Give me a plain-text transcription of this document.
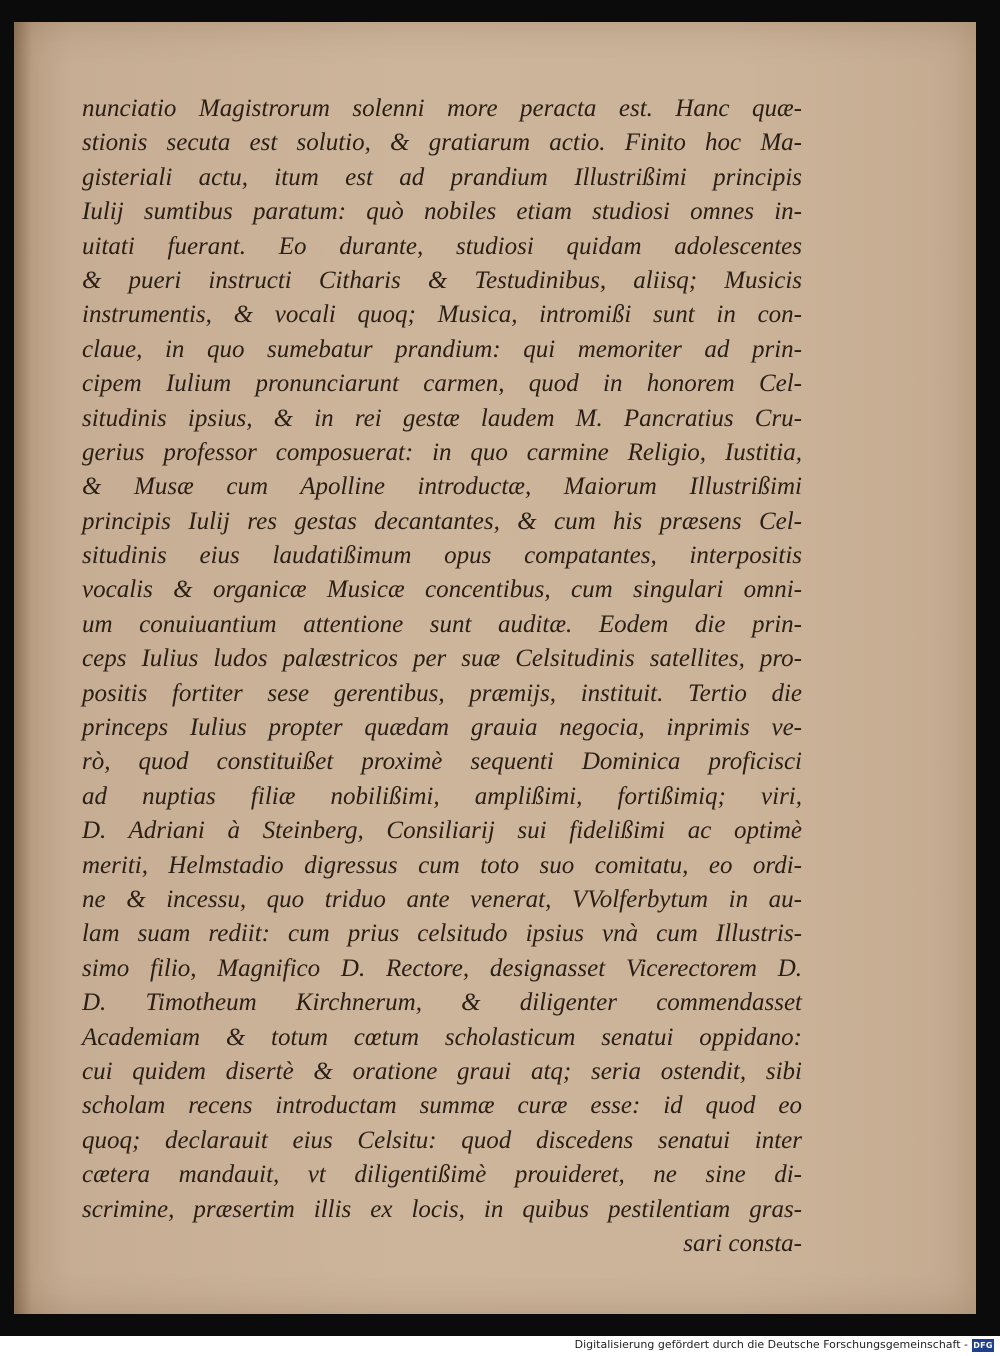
nunciatio Magistrorum solenni more peracta est. Hanc quæ-
stionis secuta est solutio, & gratiarum actio. Finito hoc Ma-
gisteriali actu, itum est ad prandium Illustrißimi principis
Iulij sumtibus paratum: quò nobiles etiam studiosi omnes in-
uitati fuerant. Eo durante, studiosi quidam adolescentes
& pueri instructi Citharis & Testudinibus, aliisq; Musicis
instrumentis, & vocali quoq; Musica, intromißi sunt in con-
claue, in quo sumebatur prandium: qui memoriter ad prin-
cipem Iulium pronunciarunt carmen, quod in honorem Cel-
situdinis ipsius, & in rei gestæ laudem M. Pancratius Cru-
gerius professor composuerat: in quo carmine Religio, Iustitia,
& Musæ cum Apolline introductæ, Maiorum Illustrißimi
principis Iulij res gestas decantantes, & cum his præsens Cel-
situdinis eius laudatißimum opus compatantes, interpositis
vocalis & organicæ Musicæ concentibus, cum singulari omni-
um conuiuantium attentione sunt auditæ. Eodem die prin-
ceps Iulius ludos palæstricos per suæ Celsitudinis satellites, pro-
positis fortiter sese gerentibus, præmijs, instituit. Tertio die
princeps Iulius propter quædam grauia negocia, inprimis ve-
rò, quod constituißet proximè sequenti Dominica proficisci
ad nuptias filiæ nobilißimi, amplißimi, fortißimiq; viri,
D. Adriani à Steinberg, Consiliarij sui fidelißimi ac optimè
meriti, Helmstadio digressus cum toto suo comitatu, eo ordi-
ne & incessu, quo triduo ante venerat, VVolferbytum in au-
lam suam rediit: cum prius celsitudo ipsius vnà cum Illustris-
simo filio, Magnifico D. Rectore, designasset Vicerectorem D.
D. Timotheum Kirchnerum, & diligenter commendasset
Academiam & totum cœtum scholasticum senatui oppidano:
cui quidem disertè & oratione graui atq; seria ostendit, sibi
scholam recens introductam summæ curæ esse: id quod eo
quoq; declarauit eius Celsitu: quod discedens senatui inter
cætera mandauit, vt diligentißimè prouideret, ne sine di-
scrimine, præsertim illis ex locis, in quibus pestilentiam gras-
sari consta-
Digitalisierung gefördert durch die Deutsche Forschungsgemeinschaft - DFG
